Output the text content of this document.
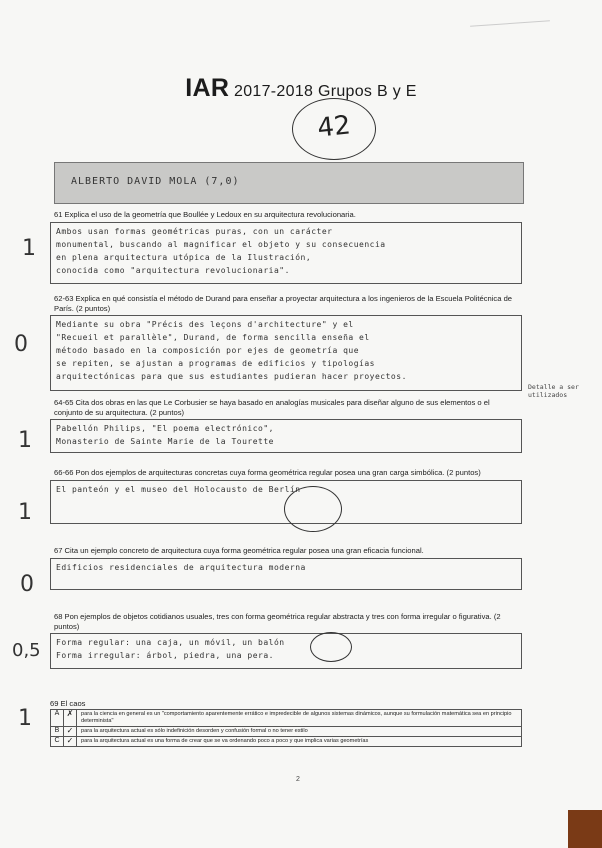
IAR 2017-2018 Grupos B y E
42
ALBERTO DAVID MOLA (7,0)
61 Explica el uso de la geometría que Boullée y Ledoux en su arquitectura revolucionaria.
Ambos usan formas geométricas puras, con un carácter
monumental, buscando al magnificar el objeto y su consecuencia
en plena arquitectura utópica de la Ilustración,
conocida como "arquitectura revolucionaria".
1
62-63 Explica en qué consistía el método de Durand para enseñar a proyectar arquitectura a los ingenieros de la Escuela Politécnica de París. (2 puntos)
Mediante su obra "Précis des leçons d'architecture" y el
"Recueil et parallèle", Durand, de forma sencilla enseña el
método basado en la composición por ejes de geometría que
se repiten, se ajustan a programas de edificios y tipologías
arquitectónicas para que sus estudiantes pudieran hacer proyectos.
0
Detalle a ser utilizados
64-65 Cita dos obras en las que Le Corbusier se haya basado en analogías musicales para diseñar alguno de sus elementos o el conjunto de su arquitectura. (2 puntos)
Pabellón Philips, "El poema electrónico",
Monasterio de Sainte Marie de la Tourette
1
66-66 Pon dos ejemplos de arquitecturas concretas cuya forma geométrica regular posea una gran carga simbólica. (2 puntos)
El panteón y el museo del Holocausto de Berlín
1
67 Cita un ejemplo concreto de arquitectura cuya forma geométrica regular posea una gran eficacia funcional.
Edificios residenciales de arquitectura moderna
0
68 Pon ejemplos de objetos cotidianos usuales, tres con forma geométrica regular abstracta y tres con forma irregular o figurativa. (2 puntos)
Forma regular: una caja, un móvil, un balón
Forma irregular: árbol, piedra, una pera.
0,5
69 El caos
A ✗	para la ciencia en general es un "comportamiento aparentemente errático e impredecible de algunos sistemas dinámicos, aunque su formulación matemática sea en principio determinista"
B ✓	para la arquitectura actual es sólo indefinición desorden y confusión formal o no tener estilo
C ✓	para la arquitectura actual es una forma de crear que se va ordenando poco a poco y que implica varias geometrías
1
2
